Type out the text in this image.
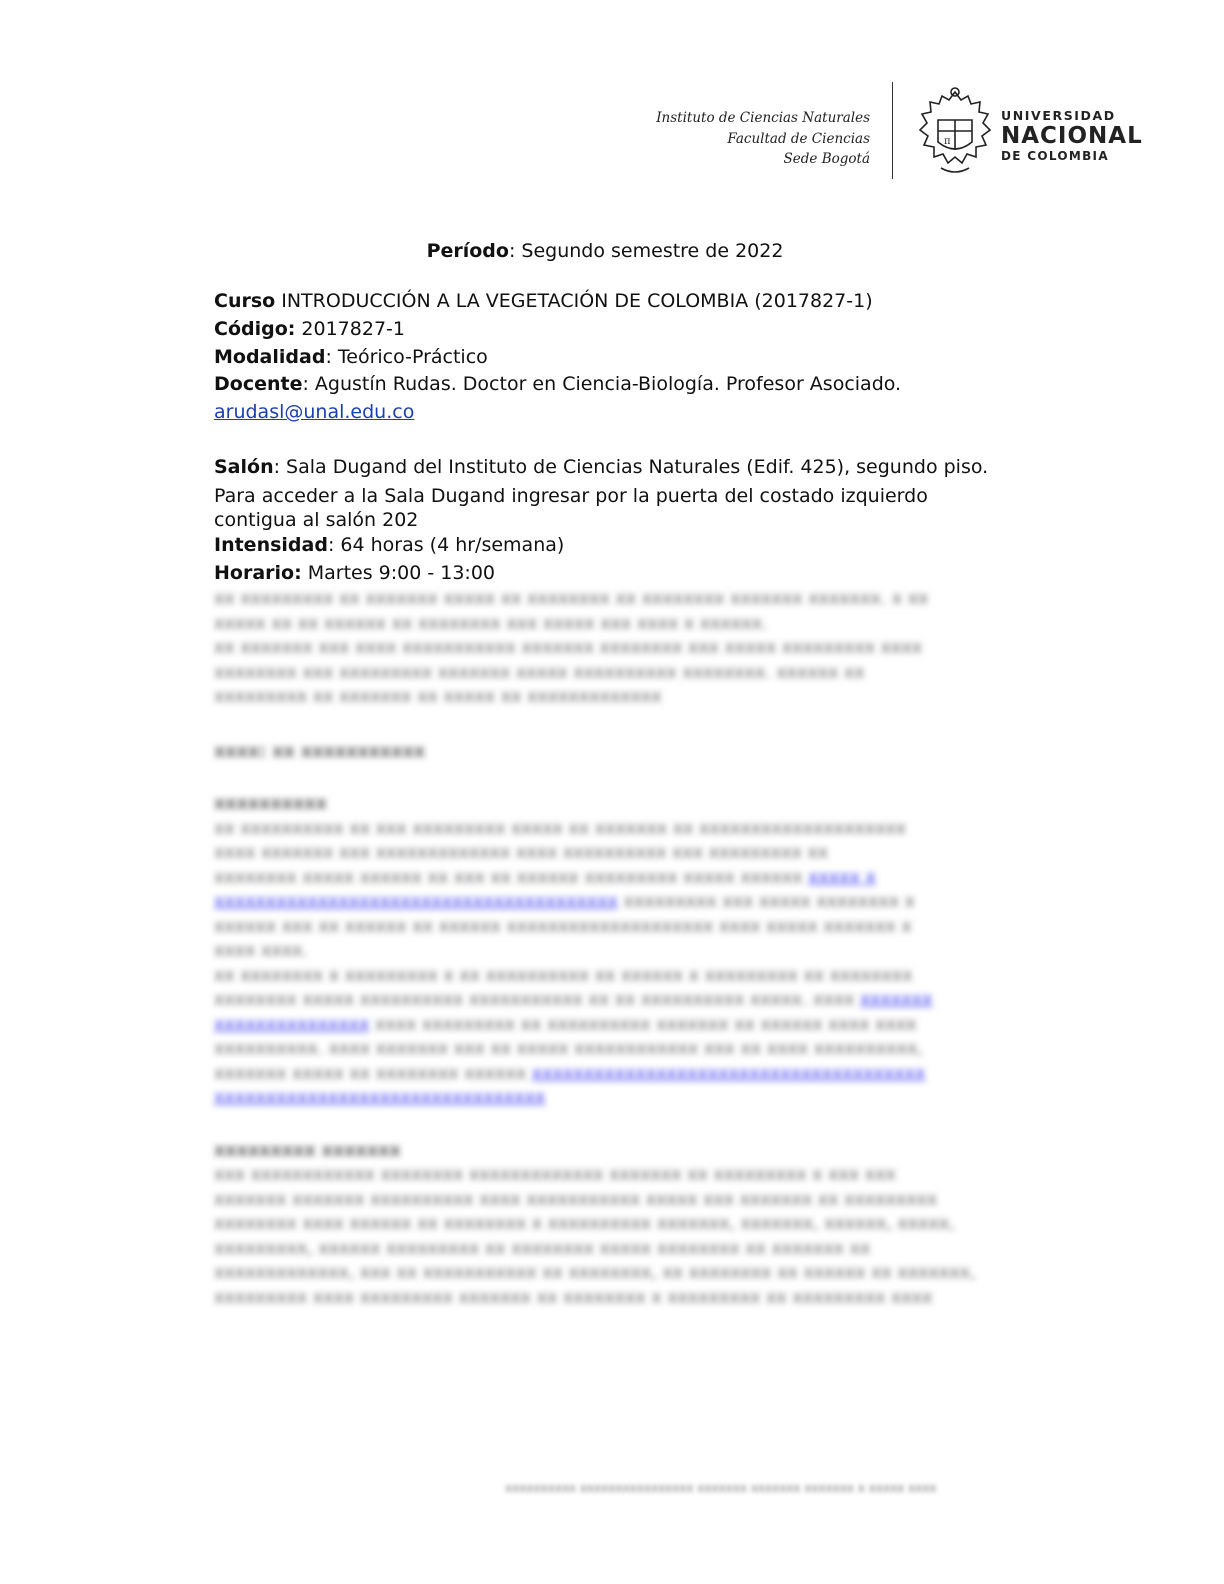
Instituto de Ciencias Naturales
Facultad de Ciencias
Sede Bogotá
π
UNIVERSIDAD
NACIONAL
DE COLOMBIA

Período: Segundo semestre de 2022

Curso INTRODUCCIÓN A LA VEGETACIÓN DE COLOMBIA (2017827-1)

Código: 2017827-1

Modalidad: Teórico-Práctico

Docente: Agustín Rudas. Doctor en Ciencia-Biología. Profesor Asociado.

arudasl@unal.edu.co

Salón: Sala Dugand del Instituto de Ciencias Naturales (Edif. 425), segundo piso.

Para acceder a la Sala Dugand ingresar por la puerta del costado izquierdo

contigua al salón 202

Intensidad: 64 horas (4 hr/semana)

Horario: Martes 9:00 - 13:00

xx xxxxxxxxx xx xxxxxxx xxxxx xx xxxxxxxx xx xxxxxxxx xxxxxxx xxxxxxx. x xx

xxxxx xx xx xxxxxx xx xxxxxxxx xxx xxxxx xxx xxxx x xxxxxx.

xx xxxxxxx xxx xxxx xxxxxxxxxxx xxxxxxx xxxxxxxx xxx xxxxx xxxxxxxxx xxxx

xxxxxxxx xxx xxxxxxxxx xxxxxxx xxxxx xxxxxxxxxx xxxxxxxx. xxxxxx xx

xxxxxxxxx xx xxxxxxx xx xxxxx xx xxxxxxxxxxxxx

xxxx: xx xxxxxxxxxxx

xxxxxxxxxx

xx xxxxxxxxxx xx xxx xxxxxxxxx xxxxx xx xxxxxxx xx xxxxxxxxxxxxxxxxxxxx

xxxx xxxxxxx xxx xxxxxxxxxxxxx xxxx xxxxxxxxxx xxx xxxxxxxxx xx

xxxxxxxx xxxxx xxxxxx xx xxx xx xxxxxx xxxxxxxxx xxxxx xxxxxx xxxxx x

xxxxxxxxxxxxxxxxxxxxxxxxxxxxxxxxxxxxxxx xxxxxxxxx xxx xxxxx xxxxxxxx x

xxxxxx xxx xx xxxxxx xx xxxxxx xxxxxxxxxxxxxxxxxxxx xxxx xxxxx xxxxxxx x

xxxx xxxx.

xx xxxxxxxx x xxxxxxxxx x xx xxxxxxxxxx xx xxxxxx x xxxxxxxxx xx xxxxxxxx

xxxxxxxx xxxxx xxxxxxxxxx xxxxxxxxxxx xx xx xxxxxxxxxx xxxxx. xxxx xxxxxxx

xxxxxxxxxxxxxxx xxxx xxxxxxxxx xx xxxxxxxxxx xxxxxxx xx xxxxxx xxxx xxxx

xxxxxxxxxx. xxxx xxxxxxx xxx xx xxxxx xxxxxxxxxxxx xxx xx xxxx xxxxxxxxxx,

xxxxxxx xxxxx xx xxxxxxxx xxxxxx xxxxxxxxxxxxxxxxxxxxxxxxxxxxxxxxxxxxxx

xxxxxxxxxxxxxxxxxxxxxxxxxxxxxxxx

xxxxxxxxx xxxxxxx

xxx xxxxxxxxxxxx xxxxxxxx xxxxxxxxxxxxx xxxxxxx xx xxxxxxxxx x xxx xxx

xxxxxxx xxxxxxx xxxxxxxxxx xxxx xxxxxxxxxxx xxxxx xxx xxxxxxx xx xxxxxxxxx

xxxxxxxx xxxx xxxxxx xx xxxxxxxx x xxxxxxxxxx xxxxxxx, xxxxxxx, xxxxxx, xxxxx,

xxxxxxxxx, xxxxxx xxxxxxxxx xx xxxxxxxx xxxxx xxxxxxxx xx xxxxxxx xx

xxxxxxxxxxxxx, xxx xx xxxxxxxxxxx xx xxxxxxxx, xx xxxxxxxx xx xxxxxx xx xxxxxxx,

xxxxxxxxx xxxx xxxxxxxxx xxxxxxx xx xxxxxxxx x xxxxxxxxx xx xxxxxxxxx xxxx

xxxxxxxxxx xxxxxxxxxxxxxxxx xxxxxxx xxxxxxx xxxxxxx x xxxxx xxxx
